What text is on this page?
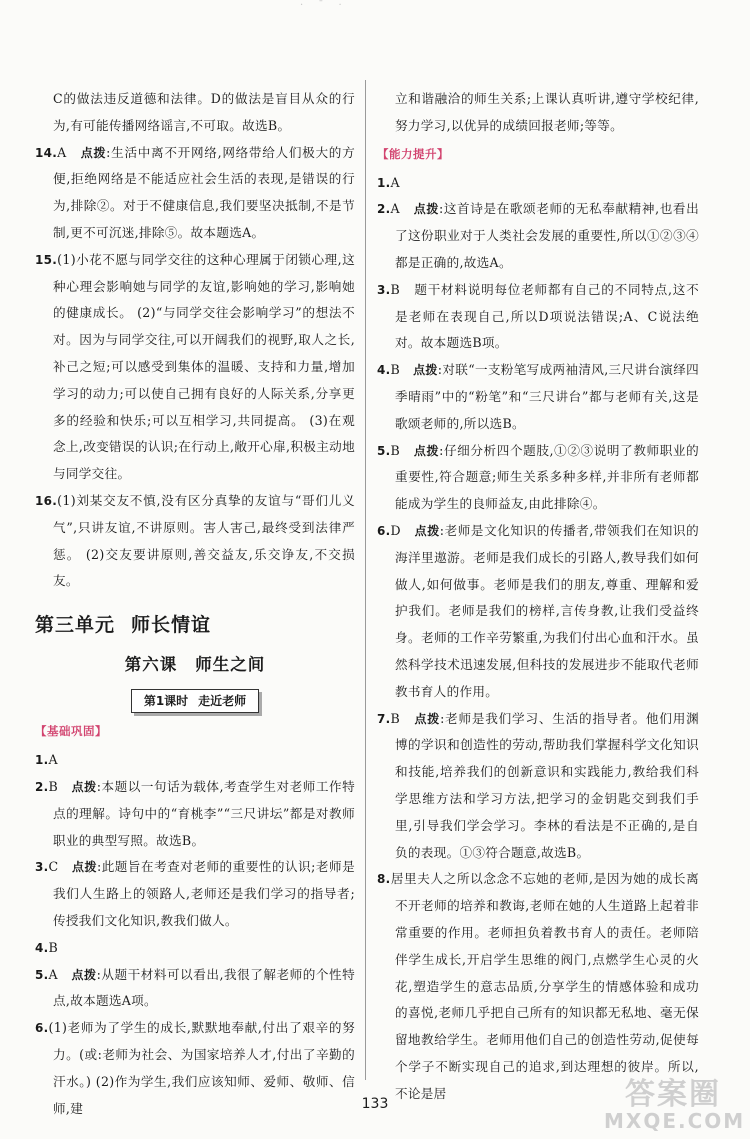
· ˉ ·

C的做法违反道德和法律。D的做法是盲目从众的行为,有可能传播网络谣言,不可取。故选B。

14.A 点拨:生活中离不开网络,网络带给人们极大的方便,拒绝网络是不能适应社会生活的表现,是错误的行为,排除②。对于不健康信息,我们要坚决抵制,不是节制,更不可沉迷,排除⑤。故本题选A。

15.(1)小花不愿与同学交往的这种心理属于闭锁心理,这种心理会影响她与同学的友谊,影响她的学习,影响她的健康成长。 (2)“与同学交往会影响学习”的想法不对。因为与同学交往,可以开阔我们的视野,取人之长,补己之短;可以感受到集体的温暖、支持和力量,增加学习的动力;可以使自己拥有良好的人际关系,分享更多的经验和快乐;可以互相学习,共同提高。 (3)在观念上,改变错误的认识;在行动上,敞开心扉,积极主动地与同学交往。

16.(1)刘某交友不慎,没有区分真挚的友谊与“哥们儿义气”,只讲友谊,不讲原则。害人害己,最终受到法律严惩。 (2)交友要讲原则,善交益友,乐交诤友,不交损友。

第三单元 师长情谊
第六课 师生之间
第1课时 走近老师
【基础巩固】

1.A

2.B 点拨:本题以一句话为载体,考查学生对老师工作特点的理解。诗句中的“育桃李”“三尺讲坛”都是对教师职业的典型写照。故选B。

3.C 点拨:此题旨在考查对老师的重要性的认识;老师是我们人生路上的领路人,老师还是我们学习的指导者;传授我们文化知识,教我们做人。

4.B

5.A 点拨:从题干材料可以看出,我很了解老师的个性特点,故本题选A项。

6.(1)老师为了学生的成长,默默地奉献,付出了艰辛的努力。(或:老师为社会、为国家培养人才,付出了辛勤的汗水。) (2)作为学生,我们应该知师、爱师、敬师、信师,建

立和谐融洽的师生关系;上课认真听讲,遵守学校纪律,努力学习,以优异的成绩回报老师;等等。

【能力提升】

1.A

2.A 点拨:这首诗是在歌颂老师的无私奉献精神,也看出了这份职业对于人类社会发展的重要性,所以①②③④都是正确的,故选A。

3.B 题干材料说明每位老师都有自己的不同特点,这不是老师在表现自己,所以D项说法错误;A、C说法绝对。故本题选B项。

4.B 点拨:对联“一支粉笔写成两袖清风,三尺讲台演绎四季晴雨”中的“粉笔”和“三尺讲台”都与老师有关,这是歌颂老师的,所以选B。

5.B 点拨:仔细分析四个题肢,①②③说明了教师职业的重要性,符合题意;师生关系多种多样,并非所有老师都能成为学生的良师益友,由此排除④。

6.D 点拨:老师是文化知识的传播者,带领我们在知识的海洋里遨游。老师是我们成长的引路人,教导我们如何做人,如何做事。老师是我们的朋友,尊重、理解和爱护我们。老师是我们的榜样,言传身教,让我们受益终身。老师的工作辛劳繁重,为我们付出心血和汗水。虽然科学技术迅速发展,但科技的发展进步不能取代老师教书育人的作用。

7.B 点拨:老师是我们学习、生活的指导者。他们用渊博的学识和创造性的劳动,帮助我们掌握科学文化知识和技能,培养我们的创新意识和实践能力,教给我们科学思维方法和学习方法,把学习的金钥匙交到我们手里,引导我们学会学习。李林的看法是不正确的,是自负的表现。①③符合题意,故选B。

8.居里夫人之所以念念不忘她的老师,是因为她的成长离不开老师的培养和教诲,老师在她的人生道路上起着非常重要的作用。老师担负着教书育人的责任。老师陪伴学生成长,开启学生思维的阀门,点燃学生心灵的火花,塑造学生的意志品质,分享学生的情感体验和成功的喜悦,老师几乎把自己所有的知识都无私地、毫无保留地教给学生。老师用他们自己的创造性劳动,促使每个学子不断实现自己的追求,到达理想的彼岸。所以,不论是居

133	答案圈
MXQE.COM
